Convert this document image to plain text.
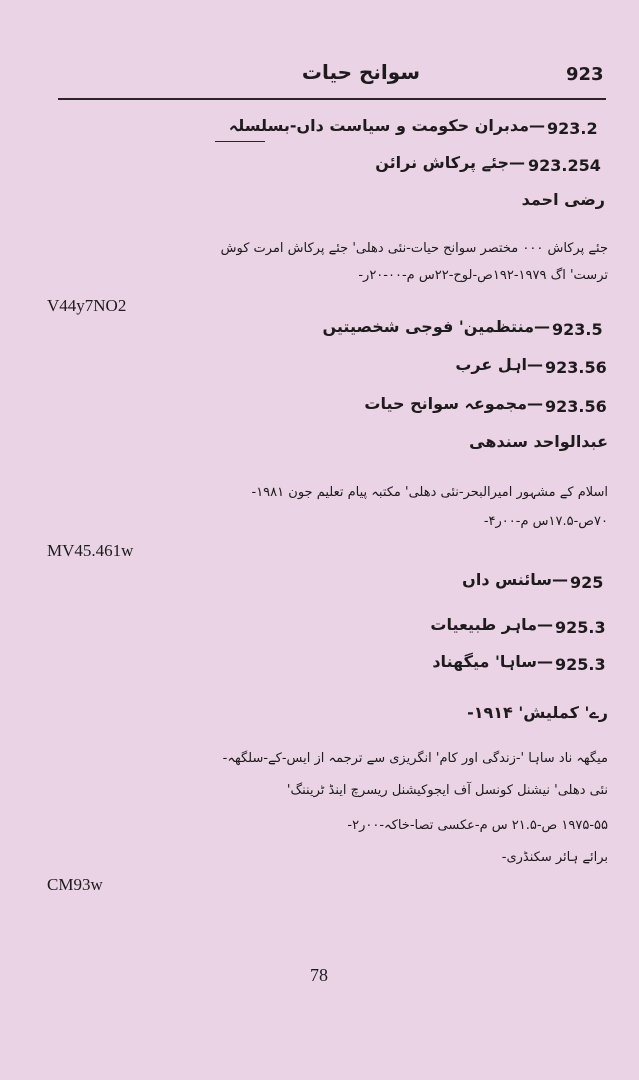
923
سوانح حیات
923.2
—مدبران حکومت و سیاست داں-بسلسلہ
923.254
—جئے پرکاش نرائن
رضی احمد
جئے پرکاش ۰۰۰ مختصر سوانح حیات-نئی دھلی' جئے پرکاش امرت کوش
ترست' اگ ۱۹۷۹-۱۹۲ص-لوح-۲۲س م-۰۰-۲۰ر-
V44y7NO2
923.5
—منتظمین' فوجی شخصیتیں
923.56
—اہل عرب
923.56
—مجموعہ سوانح حیات
عبدالواحد سندھی
اسلام کے مشہور امیرالبحر-نئی دھلی' مکتبہ پیام تعلیم جون ۱۹۸۱-
۷۰ص-۱۷.۵س م-۰۰ر۴-
MV45.461w
925
—سائنس داں
925.3
—ماہر طبیعیات
925.3
—ساہا' میگھناد
رے' کملیش' ۱۹۱۴-
میگھہ ناد ساہا '-زندگی اور کام' انگریزی سے ترجمہ از ایس-کے-سلگھہ-
نئی دھلی' نیشنل کونسل آف ایجوکیشنل ریسرچ اینڈ ٹریننگ'
۱۹۷۵-۵۵ ص-۲۱.۵ س م-عکسی تصا-خاکہ-۰۰ر۲-
برائے ہائر سکنڈری-
CM93w
78
